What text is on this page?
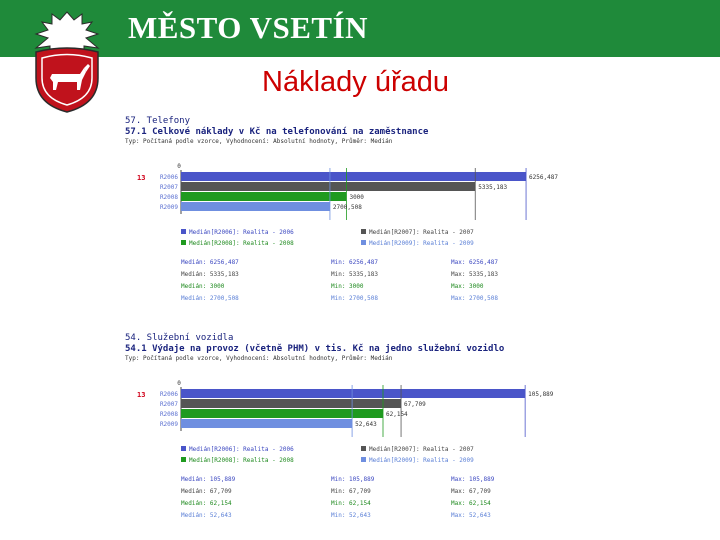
MĚSTO VSETÍN
Náklady úřadu
57. Telefony
57.1 Celkové náklady v Kč na telefonování na zaměstnance
Typ: Počítaná podle vzorce, Vyhodnocení: Absolutní hodnoty, Průměr: Medián
0
13 R2006	6256,487
R2007	5335,183
R2008	3000
R2009	2700,508
Medián[R2006]: Realita - 2006	Medián[R2007]: Realita - 2007
Medián[R2008]: Realita - 2008	Medián[R2009]: Realita - 2009
Medián: 6256,487	Min: 6256,487	Max: 6256,487
Medián: 5335,183	Min: 5335,183	Max: 5335,183
Medián: 3000	Min: 3000	Max: 3000
Medián: 2700,508	Min: 2700,508	Max: 2700,508
54. Služební vozidla
54.1 Výdaje na provoz (včetně PHM) v tis. Kč na jedno služební vozidlo
Typ: Počítaná podle vzorce, Vyhodnocení: Absolutní hodnoty, Průměr: Medián
0
13 R2006	105,889
R2007	67,709
R2008	62,154
R2009	52,643
Medián[R2006]: Realita - 2006	Medián[R2007]: Realita - 2007
Medián[R2008]: Realita - 2008	Medián[R2009]: Realita - 2009
Medián: 105,889	Min: 105,889	Max: 105,889
Medián: 67,709	Min: 67,709	Max: 67,709
Medián: 62,154	Min: 62,154	Max: 62,154
Medián: 52,643	Min: 52,643	Max: 52,643
